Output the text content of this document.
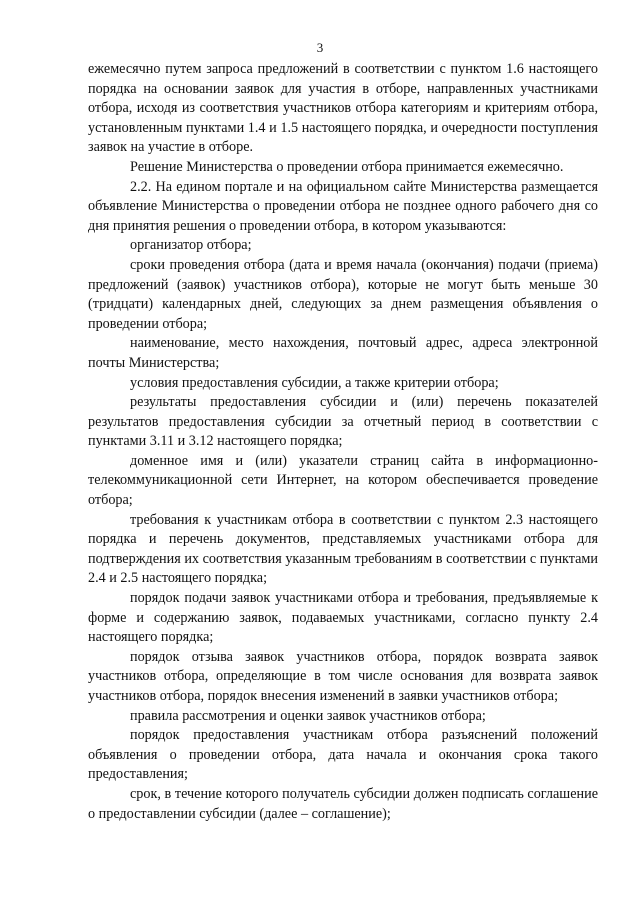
3

ежемесячно путем запроса предложений в соответствии с пунктом 1.6 настоящего порядка на основании заявок для участия в отборе, направленных участниками отбора, исходя из соответствия участников отбора категориям и критериям отбора, установленным пунктами 1.4 и 1.5 настоящего порядка, и очередности поступления заявок на участие в отборе.

Решение Министерства о проведении отбора принимается ежемесячно.

2.2. На едином портале и на официальном сайте Министерства размещается объявление Министерства о проведении отбора не позднее одного рабочего дня со дня принятия решения о проведении отбора, в котором указываются:

организатор отбора;

сроки проведения отбора (дата и время начала (окончания) подачи (приема) предложений (заявок) участников отбора), которые не могут быть меньше 30 (тридцати) календарных дней, следующих за днем размещения объявления о проведении отбора;

наименование, место нахождения, почтовый адрес, адреса электронной почты Министерства;

условия предоставления субсидии, а также критерии отбора;

результаты предоставления субсидии и (или) перечень показателей результатов предоставления субсидии за отчетный период в соответствии с пунктами 3.11 и 3.12 настоящего порядка;

доменное имя и (или) указатели страниц сайта в информационно-телекоммуникационной сети Интернет, на котором обеспечивается проведение отбора;

требования к участникам отбора в соответствии с пунктом 2.3 настоящего порядка и перечень документов, представляемых участниками отбора для подтверждения их соответствия указанным требованиям в соответствии с пунктами 2.4 и 2.5 настоящего порядка;

порядок подачи заявок участниками отбора и требования, предъявляемые к форме и содержанию заявок, подаваемых участниками, согласно пункту 2.4 настоящего порядка;

порядок отзыва заявок участников отбора, порядок возврата заявок участников отбора, определяющие в том числе основания для возврата заявок участников отбора, порядок внесения изменений в заявки участников отбора;

правила рассмотрения и оценки заявок участников отбора;

порядок предоставления участникам отбора разъяснений положений объявления о проведении отбора, дата начала и окончания срока такого предоставления;

срок, в течение которого получатель субсидии должен подписать соглашение о предоставлении субсидии (далее – соглашение);
